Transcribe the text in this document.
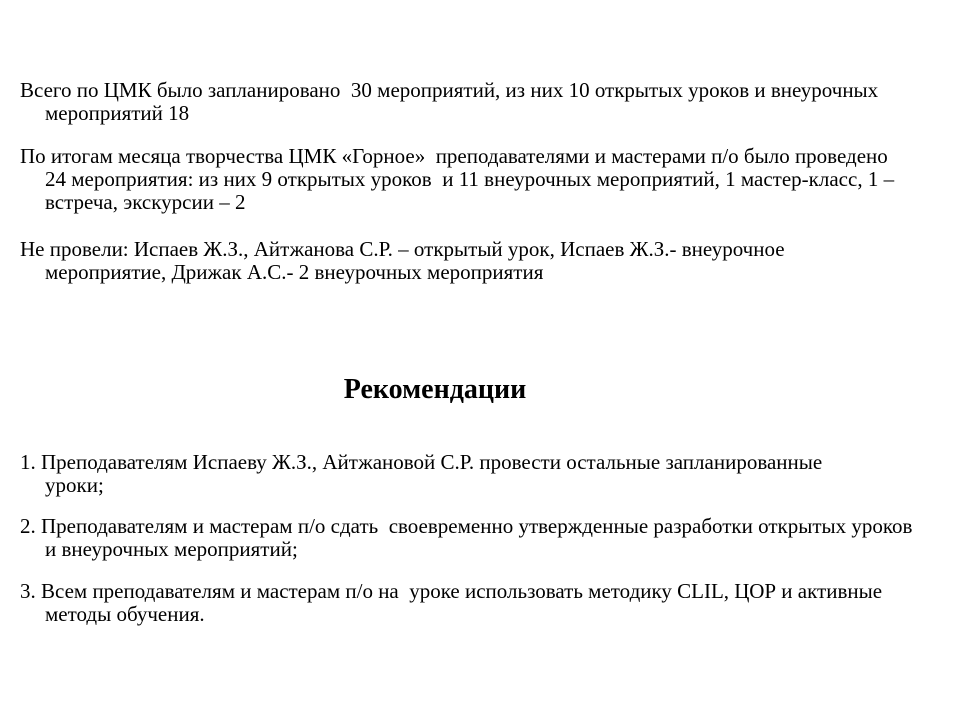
Всего по ЦМК было запланировано  30 мероприятий, из них 10 открытых уроков и внеурочных мероприятий 18

По итогам месяца творчества ЦМК «Горное»  преподавателями и мастерами п/о было проведено  24 мероприятия: из них 9 открытых уроков  и 11 внеурочных мероприятий, 1 мастер-класс, 1 – встреча, экскурсии – 2

Не провели: Испаев Ж.З., Айтжанова С.Р. – открытый урок, Испаев Ж.З.- внеурочное мероприятие, Дрижак А.С.- 2 внеурочных мероприятия

Рекомендации

1. Преподавателям Испаеву Ж.З., Айтжановой С.Р. провести остальные запланированные  уроки;

2. Преподавателям и мастерам п/о сдать  своевременно утвержденные разработки открытых уроков и внеурочных мероприятий;

3. Всем преподавателям и мастерам п/о на  уроке использовать методику CLIL, ЦОР и активные методы обучения.
